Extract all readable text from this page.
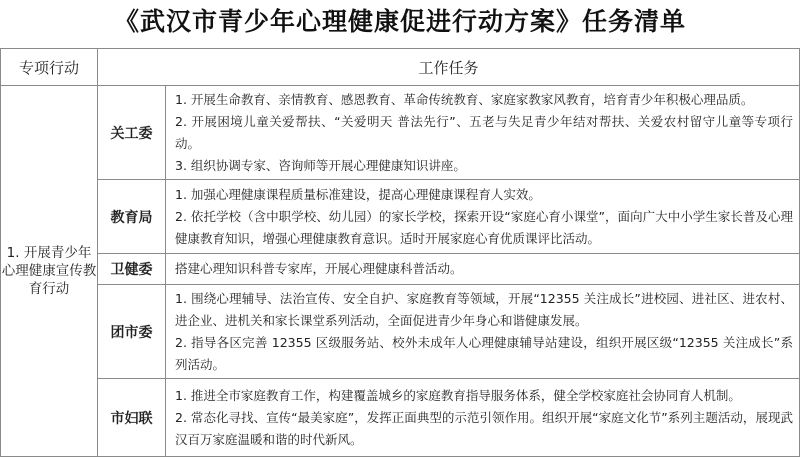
《武汉市青少年心理健康促进行动方案》任务清单
专项行动	工作任务	
1. 开展青少年心理健康宣传教育行动	关工委	1. 开展生命教育、亲情教育、感恩教育、革命传统教育、家庭家教家风教育，培育青少年积极心理品质。

2. 开展困境儿童关爱帮扶、“关爱明天 普法先行”、五老与失足青少年结对帮扶、关爱农村留守儿童等专项行动。

3. 组织协调专家、咨询师等开展心理健康知识讲座。

	教育局	1. 加强心理健康课程质量标准建设，提高心理健康课程育人实效。

2. 依托学校（含中职学校、幼儿园）的家长学校，探索开设“家庭心育小课堂”，面向广大中小学生家长普及心理健康教育知识，增强心理健康教育意识。适时开展家庭心育优质课评比活动。

	卫健委	搭建心理知识科普专家库，开展心理健康科普活动。

	团市委	1. 围绕心理辅导、法治宣传、安全自护、家庭教育等领域，开展“12355 关注成长”进校园、进社区、进农村、进企业、进机关和家长课堂系列活动，全面促进青少年身心和谐健康发展。

2. 指导各区完善 12355 区级服务站、校外未成年人心理健康辅导站建设，组织开展区级“12355 关注成长”系列活动。

	市妇联	1. 推进全市家庭教育工作，构建覆盖城乡的家庭教育指导服务体系，健全学校家庭社会协同育人机制。

2. 常态化寻找、宣传“最美家庭”，发挥正面典型的示范引领作用。组织开展“家庭文化节”系列主题活动，展现武汉百万家庭温暖和谐的时代新风。
